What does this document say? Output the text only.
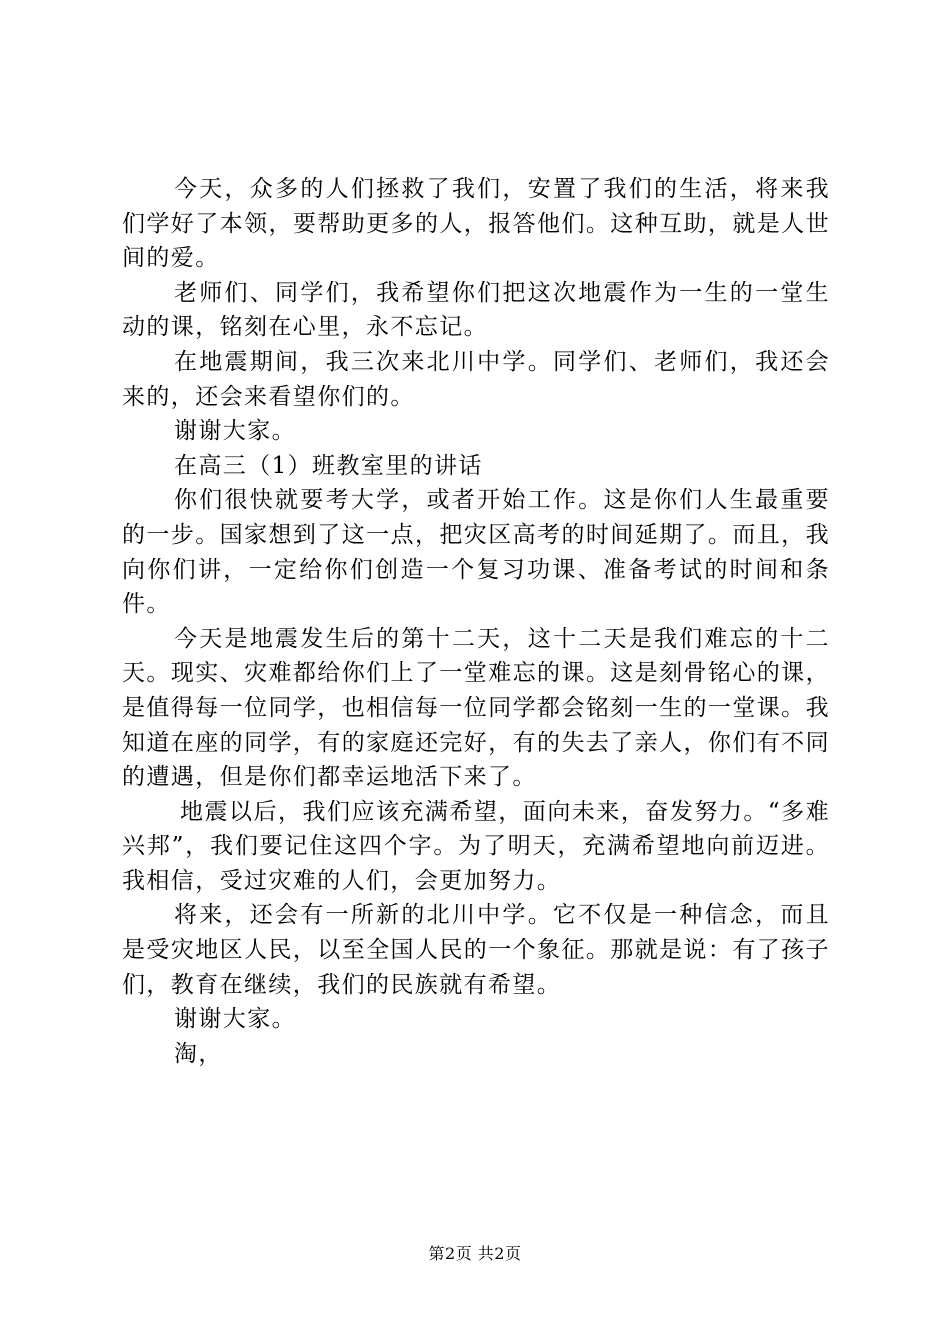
今天，众多的人们拯救了我们，安置了我们的生活，将来我们学好了本领，要帮助更多的人，报答他们。这种互助，就是人世间的爱。

老师们、同学们，我希望你们把这次地震作为一生的一堂生动的课，铭刻在心里，永不忘记。

在地震期间，我三次来北川中学。同学们、老师们，我还会来的，还会来看望你们的。

谢谢大家。

在高三（1）班教室里的讲话

你们很快就要考大学，或者开始工作。这是你们人生最重要的一步。国家想到了这一点，把灾区高考的时间延期了。而且，我向你们讲，一定给你们创造一个复习功课、准备考试的时间和条件。

今天是地震发生后的第十二天，这十二天是我们难忘的十二天。现实、灾难都给你们上了一堂难忘的课。这是刻骨铭心的课，是值得每一位同学，也相信每一位同学都会铭刻一生的一堂课。我知道在座的同学，有的家庭还完好，有的失去了亲人，你们有不同的遭遇，但是你们都幸运地活下来了。

地震以后，我们应该充满希望，面向未来，奋发努力。“多难兴邦”，我们要记住这四个字。为了明天，充满希望地向前迈进。我相信，受过灾难的人们，会更加努力。

将来，还会有一所新的北川中学。它不仅是一种信念，而且是受灾地区人民，以至全国人民的一个象征。那就是说：有了孩子们，教育在继续，我们的民族就有希望。

谢谢大家。

淘，

第2页 共2页
